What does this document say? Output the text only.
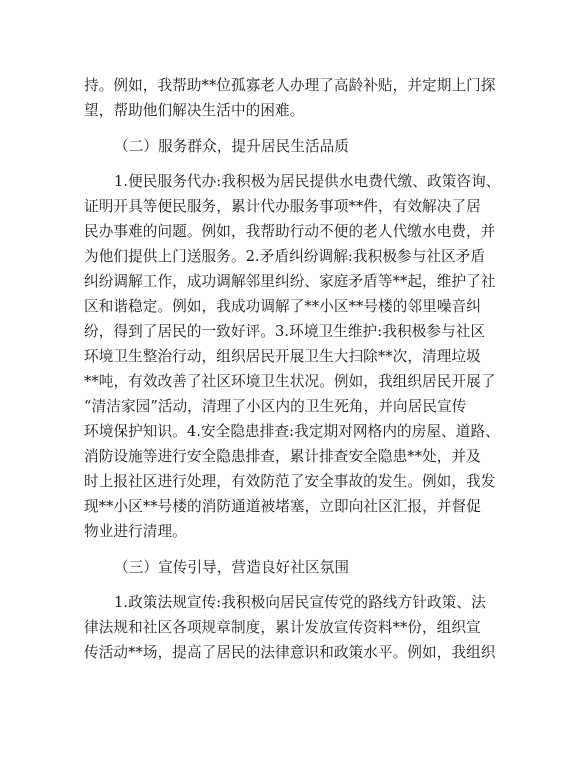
持。例如，我帮助**位孤寡老人办理了高龄补贴，并定期上门探
望，帮助他们解决生活中的困难。
（二）服务群众，提升居民生活品质
1.便民服务代办:我积极为居民提供水电费代缴、政策咨询、
证明开具等便民服务，累计代办服务事项**件，有效解决了居
民办事难的问题。例如，我帮助行动不便的老人代缴水电费，并
为他们提供上门送服务。2.矛盾纠纷调解:我积极参与社区矛盾
纠纷调解工作，成功调解邻里纠纷、家庭矛盾等**起，维护了社
区和谐稳定。例如，我成功调解了**小区**号楼的邻里噪音纠
纷，得到了居民的一致好评。3.环境卫生维护:我积极参与社区
环境卫生整治行动，组织居民开展卫生大扫除**次，清理垃圾
**吨，有效改善了社区环境卫生状况。例如，我组织居民开展了
“清洁家园”活动，清理了小区内的卫生死角，并向居民宣传
环境保护知识。4.安全隐患排查:我定期对网格内的房屋、道路、
消防设施等进行安全隐患排查，累计排查安全隐患**处，并及
时上报社区进行处理，有效防范了安全事故的发生。例如，我发
现**小区**号楼的消防通道被堵塞，立即向社区汇报，并督促
物业进行清理。
（三）宣传引导，营造良好社区氛围
1.政策法规宣传:我积极向居民宣传党的路线方针政策、法
律法规和社区各项规章制度，累计发放宣传资料**份，组织宣
传活动**场，提高了居民的法律意识和政策水平。例如，我组织
